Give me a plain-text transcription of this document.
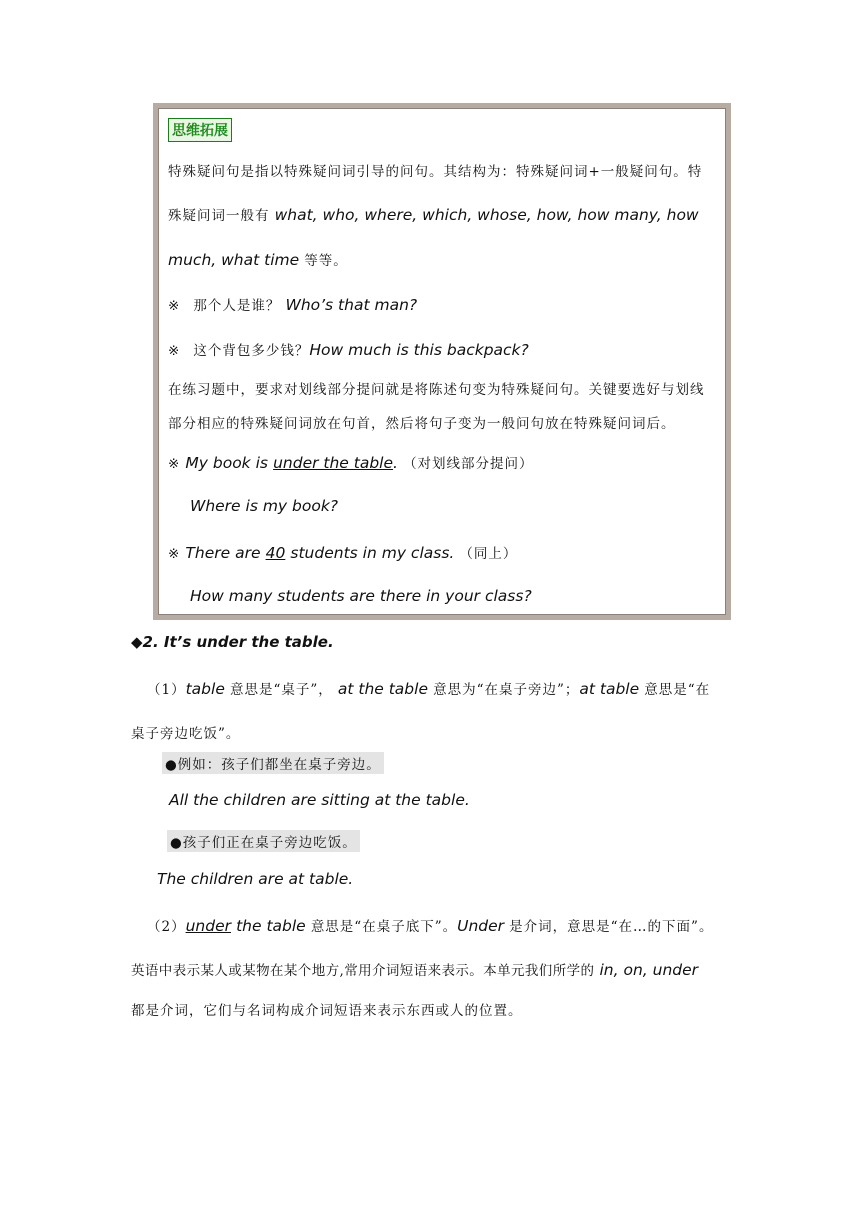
思维拓展
特殊疑问句是指以特殊疑问词引导的问句。其结构为：特殊疑问词+一般疑问句。特
殊疑问词一般有 what, who, where, which, whose, how, how many, how
much, what time 等等。
※ 那个人是谁？ Who’s that man?
※ 这个背包多少钱？How much is this backpack?
在练习题中，要求对划线部分提问就是将陈述句变为特殊疑问句。关键要选好与划线
部分相应的特殊疑问词放在句首，然后将句子变为一般问句放在特殊疑问词后。
※ My book is under the table. （对划线部分提问）
Where is my book?
※ There are 40 students in my class. （同上）
How many students are there in your class?
◆2. It’s under the table.
（1）table 意思是“桌子”， at the table 意思为“在桌子旁边”；at table 意思是“在
桌子旁边吃饭”。
●例如：孩子们都坐在桌子旁边。
All the children are sitting at the table.
●孩子们正在桌子旁边吃饭。
The children are at table.
（2）under the table 意思是“在桌子底下”。Under 是介词，意思是“在…的下面”。
英语中表示某人或某物在某个地方,常用介词短语来表示。本单元我们所学的 in, on, under
都是介词，它们与名词构成介词短语来表示东西或人的位置。
